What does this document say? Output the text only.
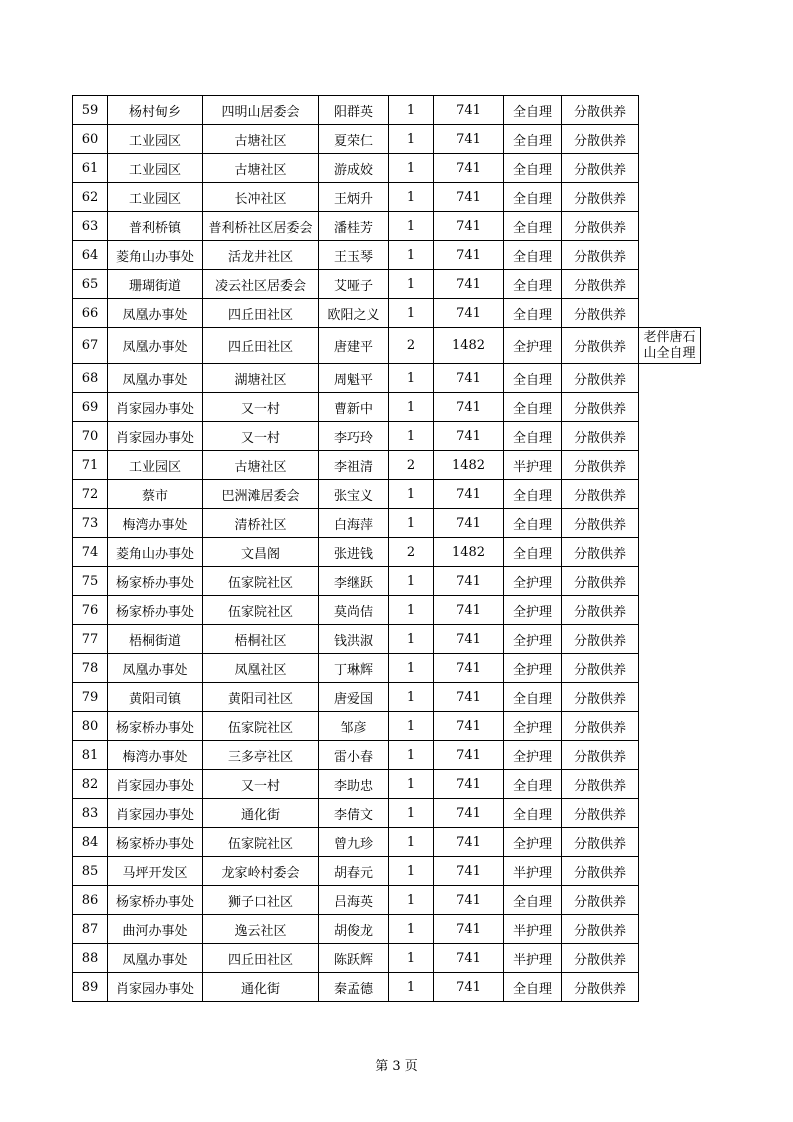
59	杨村甸乡	四明山居委会	阳群英	1	741	全自理	分散供养	
60	工业园区	古塘社区	夏荣仁	1	741	全自理	分散供养	
61	工业园区	古塘社区	游成姣	1	741	全自理	分散供养	
62	工业园区	长冲社区	王炳升	1	741	全自理	分散供养	
63	普利桥镇	普利桥社区居委会	潘桂芳	1	741	全自理	分散供养	
64	菱角山办事处	活龙井社区	王玉琴	1	741	全自理	分散供养	
65	珊瑚街道	凌云社区居委会	艾哑子	1	741	全自理	分散供养	
66	凤凰办事处	四丘田社区	欧阳之义	1	741	全自理	分散供养	
67	凤凰办事处	四丘田社区	唐建平	2	1482	全护理	分散供养	老伴唐石山全自理
68	凤凰办事处	湖塘社区	周魁平	1	741	全自理	分散供养	
69	肖家园办事处	又一村	曹新中	1	741	全自理	分散供养	
70	肖家园办事处	又一村	李巧玲	1	741	全自理	分散供养	
71	工业园区	古塘社区	李祖清	2	1482	半护理	分散供养	
72	蔡市	巴洲滩居委会	张宝义	1	741	全自理	分散供养	
73	梅湾办事处	清桥社区	白海萍	1	741	全自理	分散供养	
74	菱角山办事处	文昌阁	张进钱	2	1482	全自理	分散供养	
75	杨家桥办事处	伍家院社区	李继跃	1	741	全护理	分散供养	
76	杨家桥办事处	伍家院社区	莫尚佶	1	741	全护理	分散供养	
77	梧桐街道	梧桐社区	钱洪淑	1	741	全护理	分散供养	
78	凤凰办事处	凤凰社区	丁琳辉	1	741	全护理	分散供养	
79	黄阳司镇	黄阳司社区	唐爱国	1	741	全自理	分散供养	
80	杨家桥办事处	伍家院社区	邹彦	1	741	全护理	分散供养	
81	梅湾办事处	三多亭社区	雷小春	1	741	全护理	分散供养	
82	肖家园办事处	又一村	李助忠	1	741	全自理	分散供养	
83	肖家园办事处	通化街	李倩文	1	741	全自理	分散供养	
84	杨家桥办事处	伍家院社区	曾九珍	1	741	全护理	分散供养	
85	马坪开发区	龙家岭村委会	胡春元	1	741	半护理	分散供养	
86	杨家桥办事处	狮子口社区	吕海英	1	741	全自理	分散供养	
87	曲河办事处	逸云社区	胡俊龙	1	741	半护理	分散供养	
88	凤凰办事处	四丘田社区	陈跃辉	1	741	半护理	分散供养	
89	肖家园办事处	通化街	秦孟德	1	741	全自理	分散供养	
第 3 页
